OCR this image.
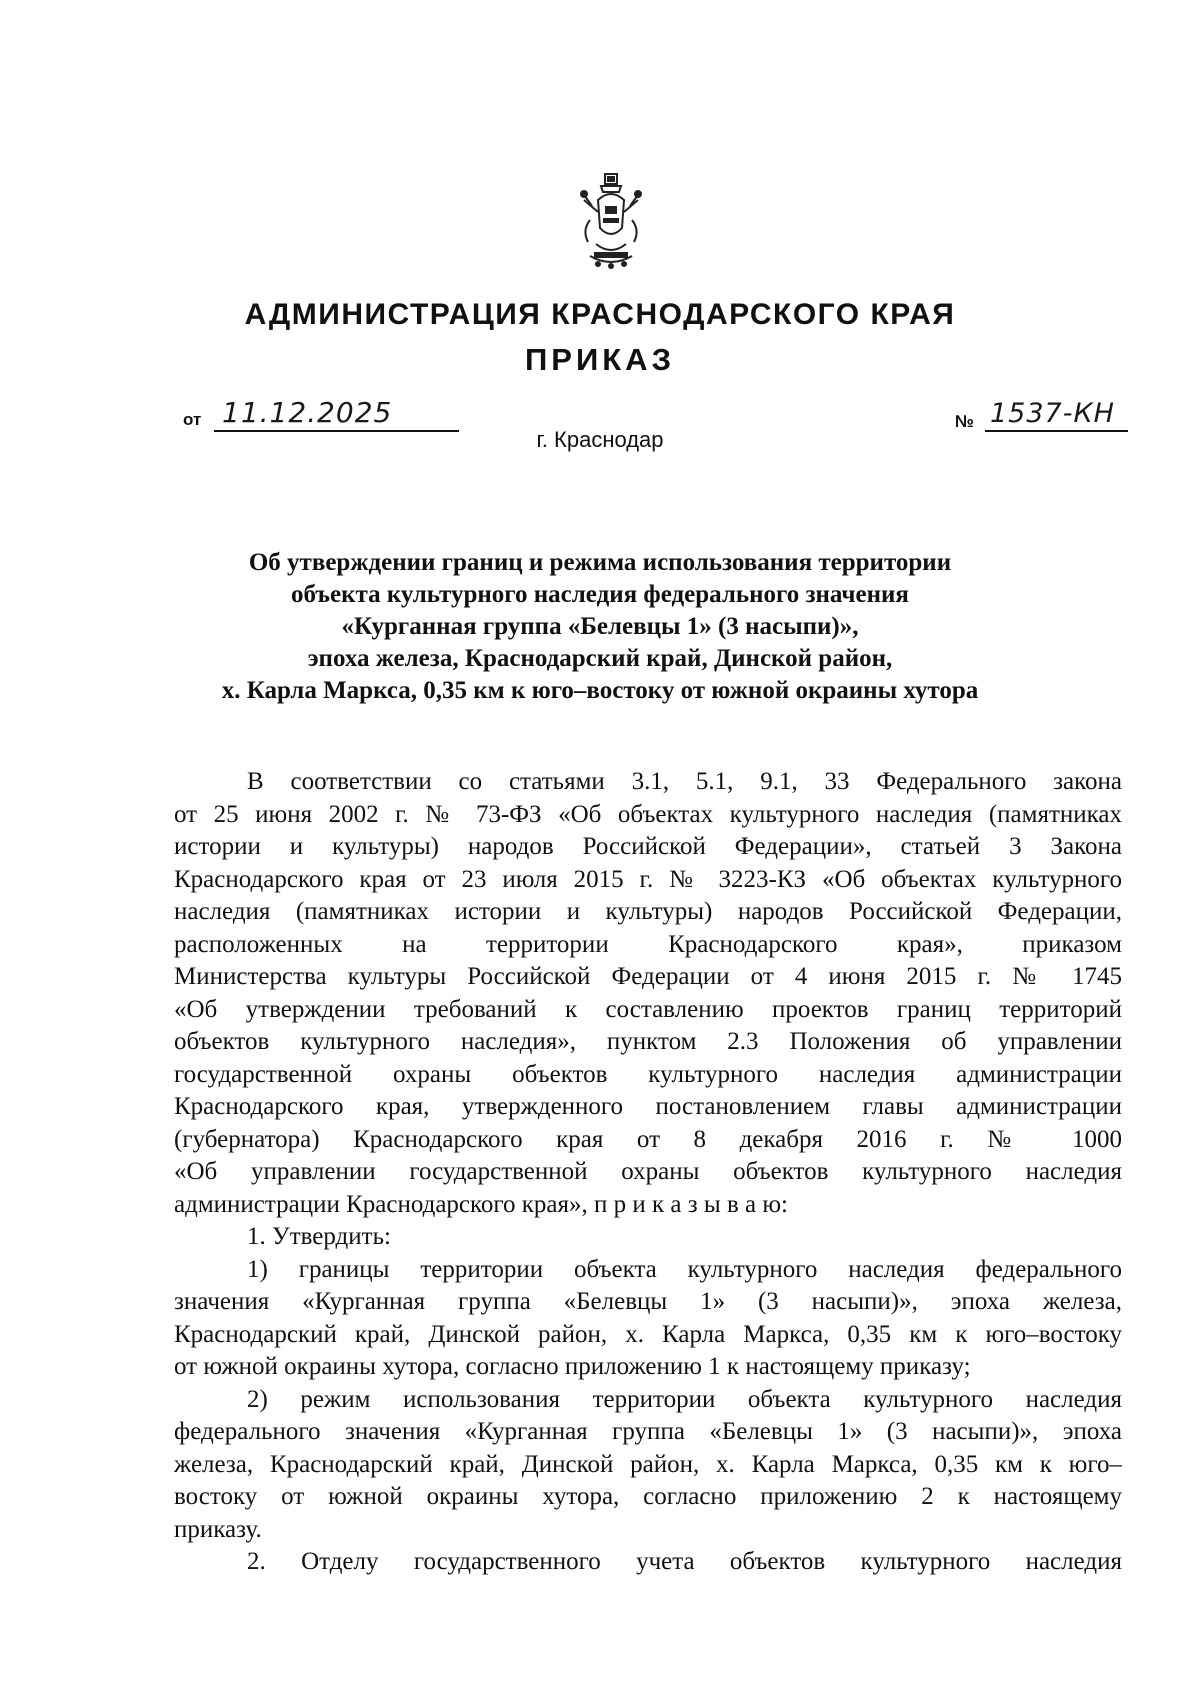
АДМИНИСТРАЦИЯ КРАСНОДАРСКОГО КРАЯ
ПРИКАЗ
от 11.12.2025
г. Краснодар
№ 1537-КН
Об утверждении границ и режима использования территории
объекта культурного наследия федерального значения
«Курганная группа «Белевцы 1» (3 насыпи)»,
эпоха железа, Краснодарский край, Динской район,
х. Карла Маркса, 0,35 км к юго–востоку от южной окраины хутора
В соответствии со статьями 3.1, 5.1, 9.1, 33 Федерального закона
от 25 июня 2002 г. № 73-ФЗ «Об объектах культурного наследия (памятниках
истории и культуры) народов Российской Федерации», статьей 3 Закона
Краснодарского края от 23 июля 2015 г. № 3223-КЗ «Об объектах культурного
наследия (памятниках истории и культуры) народов Российской Федерации,
расположенных на территории Краснодарского края», приказом
Министерства культуры Российской Федерации от 4 июня 2015 г. № 1745
«Об утверждении требований к составлению проектов границ территорий
объектов культурного наследия», пунктом 2.3 Положения об управлении
государственной охраны объектов культурного наследия администрации
Краснодарского края, утвержденного постановлением главы администрации
(губернатора) Краснодарского края от 8 декабря 2016 г. № 1000
«Об управлении государственной охраны объектов культурного наследия
администрации Краснодарского края», п р и к а з ы в а ю:
1. Утвердить:
1) границы территории объекта культурного наследия федерального
значения «Курганная группа «Белевцы 1» (3 насыпи)», эпоха железа,
Краснодарский край, Динской район, х. Карла Маркса, 0,35 км к юго–востоку
от южной окраины хутора, согласно приложению 1 к настоящему приказу;
2) режим использования территории объекта культурного наследия
федерального значения «Курганная группа «Белевцы 1» (3 насыпи)», эпоха
железа, Краснодарский край, Динской район, х. Карла Маркса, 0,35 км к юго–
востоку от южной окраины хутора, согласно приложению 2 к настоящему
приказу.
2. Отделу государственного учета объектов культурного наследия
